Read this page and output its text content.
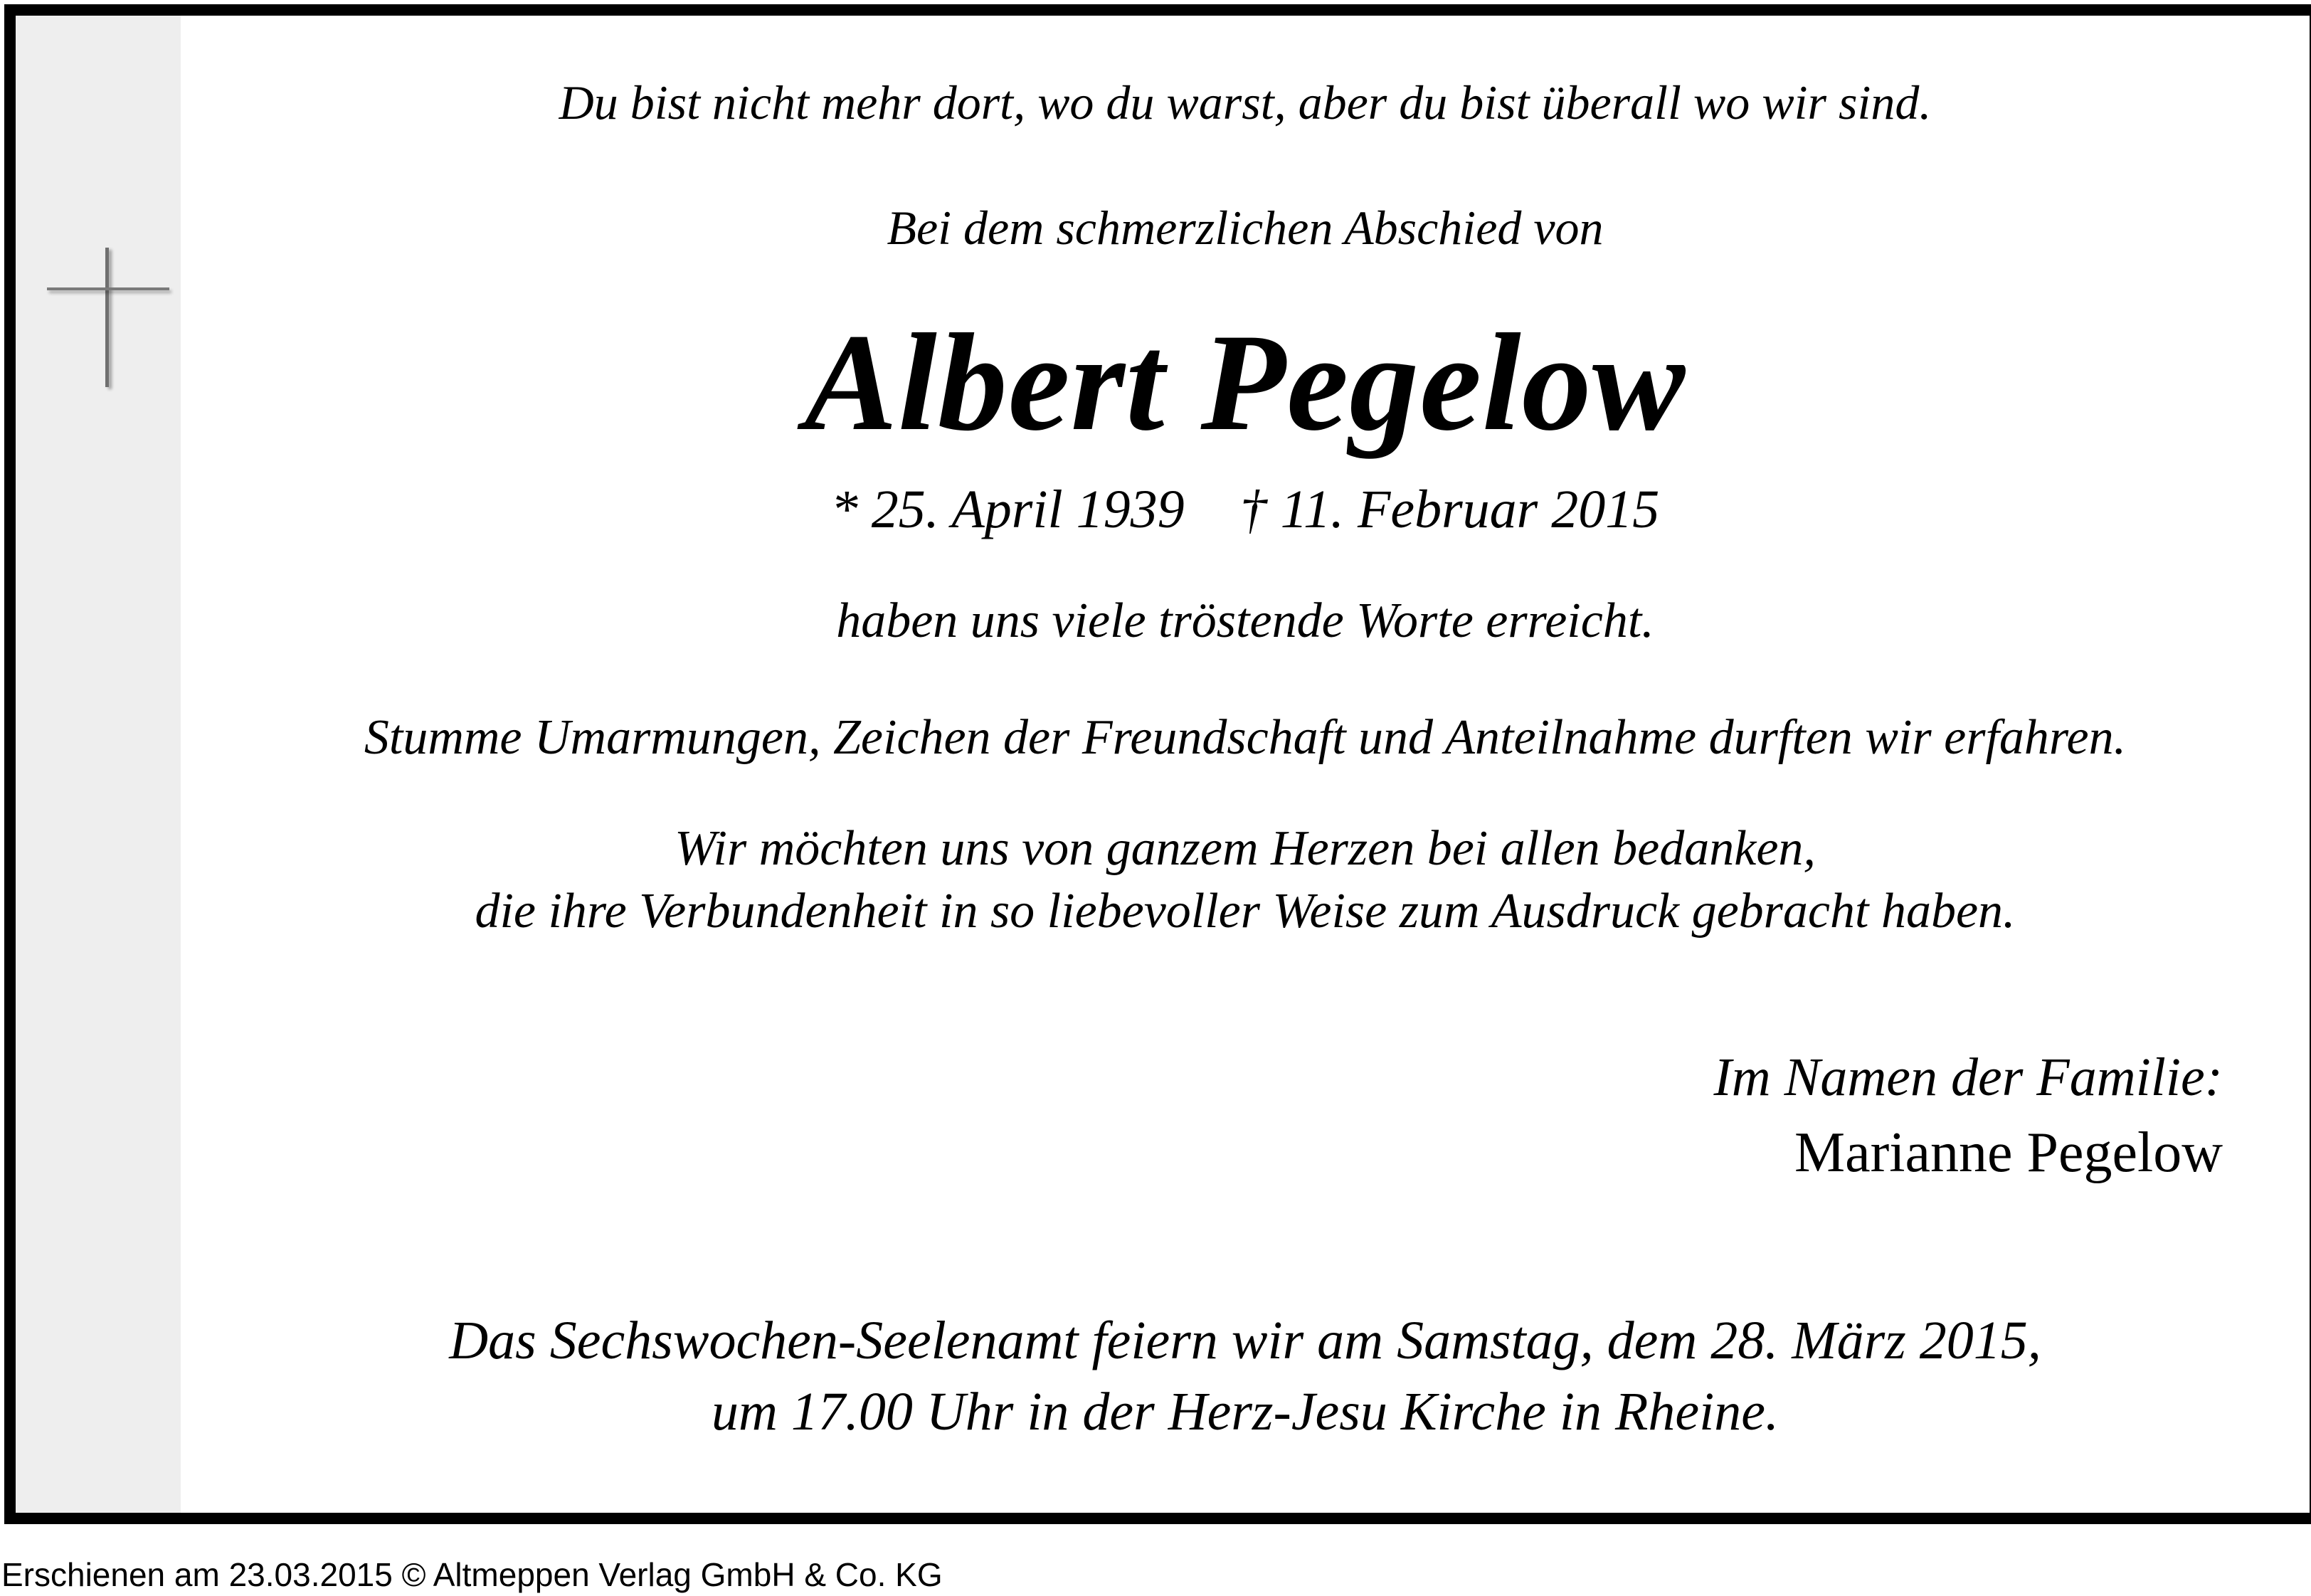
Du bist nicht mehr dort, wo du warst, aber du bist überall wo wir sind.
Bei dem schmerzlichen Abschied von
Albert Pegelow
* 25. April 1939 † 11. Februar 2015
haben uns viele tröstende Worte erreicht.
Stumme Umarmungen, Zeichen der Freundschaft und Anteilnahme durften wir erfahren.
Wir möchten uns von ganzem Herzen bei allen bedanken,
die ihre Verbundenheit in so liebevoller Weise zum Ausdruck gebracht haben.
Im Namen der Familie:
Marianne Pegelow
Das Sechswochen-Seelenamt feiern wir am Samstag, dem 28. März 2015,
um 17.00 Uhr in der Herz-Jesu Kirche in Rheine.
Erschienen am 23.03.2015 © Altmeppen Verlag GmbH & Co. KG
